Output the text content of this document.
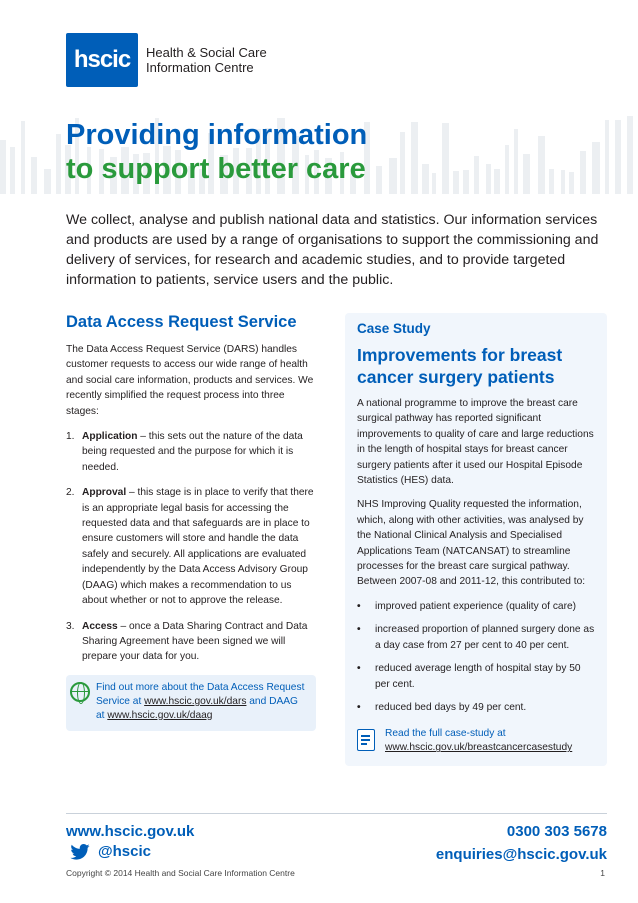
hscic	Health & Social Care
Information Centre
Providing information
to support better care

We collect, analyse and publish national data and statistics. Our information services and products are used by a range of organisations to support the commissioning and delivery of services, for research and academic studies, and to provide targeted information to patients, service users and the public.

Data Access Request Service

The Data Access Request Service (DARS) handles customer requests to access our wide range of health and social care information, products and services. We recently simplified the request process into three stages:

1. Application – this sets out the nature of the data being requested and the purpose for which it is needed.
2. Approval – this stage is in place to verify that there is an appropriate legal basis for accessing the requested data and that safeguards are in place to ensure customers will store and handle the data safely and securely. All applications are evaluated independently by the Data Access Advisory Group (DAAG) which makes a recommendation to us about whether or not to approve the release.
3. Access – once a Data Sharing Contract and Data Sharing Agreement have been signed we will prepare your data for you.
Find out more about the Data Access Request Service at www.hscic.gov.uk/dars and DAAG at www.hscic.gov.uk/daag
Case Study
Improvements for breast cancer surgery patients

A national programme to improve the breast care surgical pathway has reported significant improvements to quality of care and large reductions in the length of hospital stays for breast cancer surgery patients after it used our Hospital Episode Statistics (HES) data.

NHS Improving Quality requested the information, which, along with other activities, was analysed by the National Clinical Analysis and Specialised Applications Team (NATCANSAT) to streamline processes for the breast care surgical pathway. Between 2007-08 and 2011-12, this contributed to:

•	improved patient experience (quality of care)
•	increased proportion of planned surgery done as a day case from 27 per cent to 40 per cent.
•	reduced average length of hospital stay by 50 per cent.
•	reduced bed days by 49 per cent.
Read the full case-study at
www.hscic.gov.uk/breastcancercasestudy
www.hscic.gov.uk
@hscic
0300 303 5678
enquiries@hscic.gov.uk
Copyright © 2014 Health and Social Care Information Centre	1
